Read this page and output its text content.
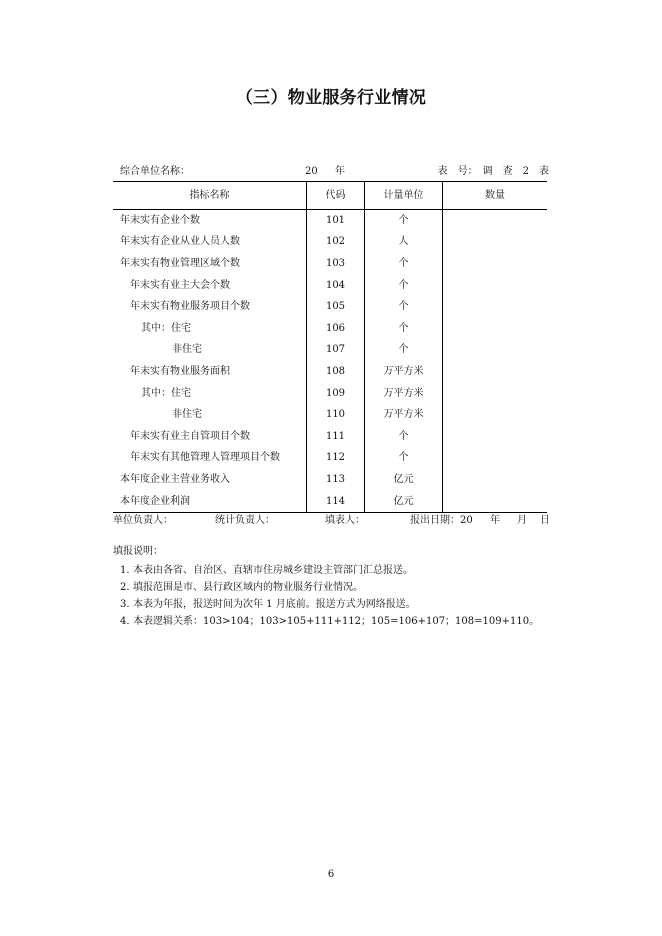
（三）物业服务行业情况
综合单位名称：	20 年	表　号：　调　查　2　表
指标名称	代码	计量单位	数量
年末实有企业个数	101	个
年末实有企业从业人员人数	102	人
年末实有物业管理区域个数	103	个
年末实有业主大会个数	104	个
年末实有物业服务项目个数	105	个
其中：住宅	106	个
非住宅	107	个
年末实有物业服务面积	108	万平方米
其中：住宅	109	万平方米
非住宅	110	万平方米
年末实有业主自管项目个数	111	个
年末实有其他管理人管理项目个数	112	个
本年度企业主营业务收入	113	亿元
本年度企业利润	114	亿元
单位负责人：	统计负责人：	填表人：	报出日期：20 年 月 日
填报说明：
1. 本表由各省、自治区、直辖市住房城乡建设主管部门汇总报送。
2. 填报范围是市、县行政区域内的物业服务行业情况。
3. 本表为年报，报送时间为次年 1 月底前。报送方式为网络报送。
4. 本表逻辑关系：103>104；103>105+111+112；105=106+107；108=109+110。
6
